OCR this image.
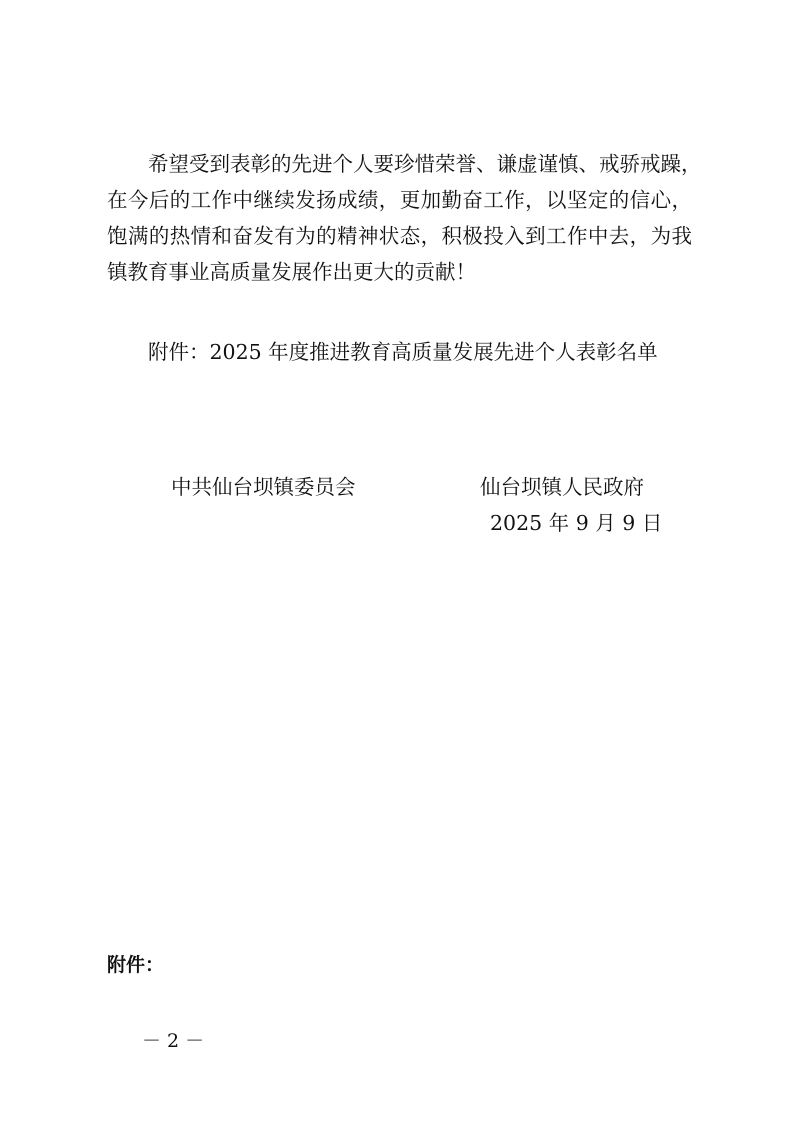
　　希望受到表彰的先进个人要珍惜荣誉、谦虚谨慎、戒骄戒躁，
在今后的工作中继续发扬成绩，更加勤奋工作，以坚定的信心，
饱满的热情和奋发有为的精神状态，积极投入到工作中去，为我
镇教育事业高质量发展作出更大的贡献！
附件：2025 年度推进教育高质量发展先进个人表彰名单
中共仙台坝镇委员会	仙台坝镇人民政府
2025 年 9 月 9 日
附件：
－ 2 －
